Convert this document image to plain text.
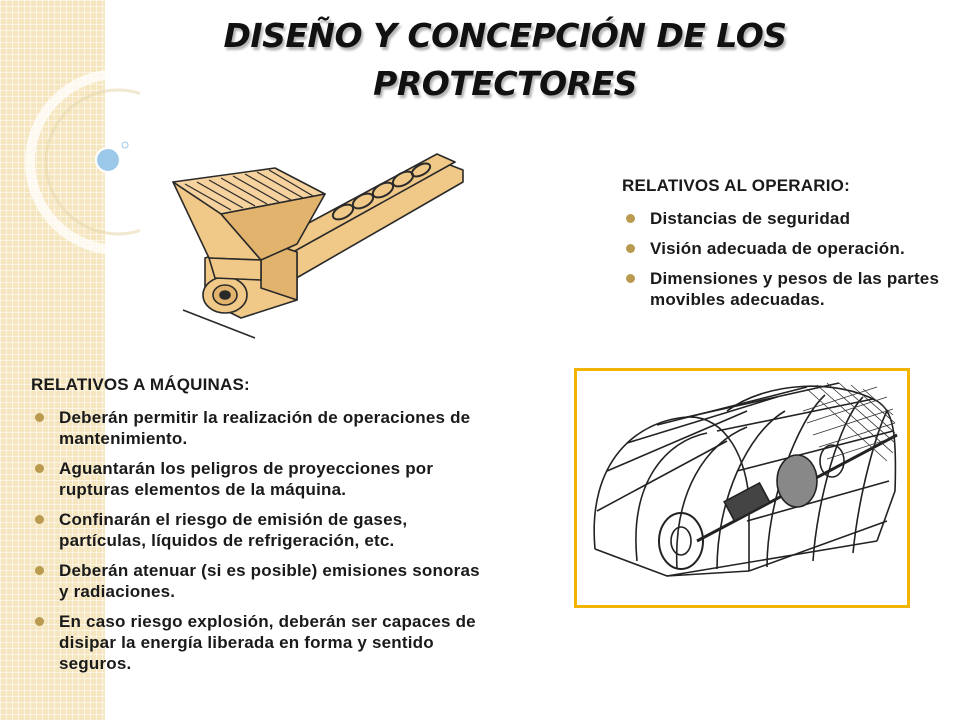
DISEÑO Y CONCEPCIÓN DE LOS
PROTECTORES
RELATIVOS AL OPERARIO:
Distancias de seguridad
Visión adecuada de operación.
Dimensiones y pesos de las partes movibles adecuadas.
RELATIVOS A MÁQUINAS:
Deberán permitir la realización de operaciones de mantenimiento.
Aguantarán los peligros de proyecciones por rupturas elementos de la máquina.
Confinarán el riesgo de emisión de gases, partículas, líquidos de refrigeración, etc.
Deberán atenuar (si es posible) emisiones sonoras y radiaciones.
En caso riesgo explosión, deberán ser capaces de disipar la energía liberada en forma y sentido seguros.
